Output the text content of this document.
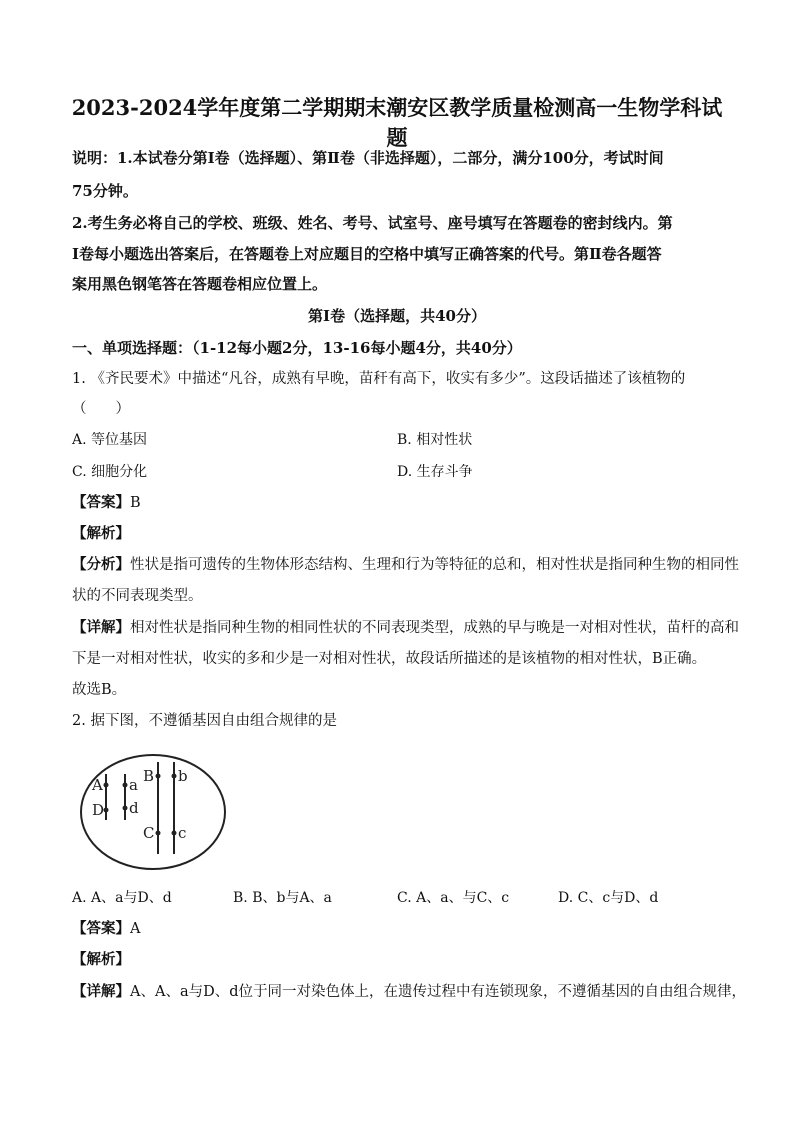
2023-2024学年度第二学期期末潮安区教学质量检测高一生物学科试
题
说明：1.本试卷分第Ⅰ卷（选择题）、第Ⅱ卷（非选择题），二部分，满分100分，考试时间
75分钟。
2.考生务必将自己的学校、班级、姓名、考号、试室号、座号填写在答题卷的密封线内。第
Ⅰ卷每小题选出答案后，在答题卷上对应题目的空格中填写正确答案的代号。第Ⅱ卷各题答
案用黑色钢笔答在答题卷相应位置上。
第Ⅰ卷（选择题，共40分）
一、单项选择题：（1-12每小题2分，13-16每小题4分，共40分）
1. 《齐民要术》中描述“凡谷，成熟有早晚，苗秆有高下，收实有多少”。这段话描述了该植物的
（　　）
A. 等位基因	B. 相对性状
C. 细胞分化	D. 生存斗争
【答案】B
【解析】
【分析】性状是指可遗传的生物体形态结构、生理和行为等特征的总和，相对性状是指同种生物的相同性
状的不同表现类型。
【详解】相对性状是指同种生物的相同性状的不同表现类型，成熟的早与晚是一对相对性状，苗杆的高和
下是一对相对性状，收实的多和少是一对相对性状，故段话所描述的是该植物的相对性状，B正确。
故选B。
2. 据下图，不遵循基因自由组合规律的是
A
D
a
d
B b
C c
A. A、a与D、d	B. B、b与A、a	C. A、a、与C、c	D. C、c与D、d
【答案】A
【解析】
【详解】A、A、a与D、d位于同一对染色体上，在遗传过程中有连锁现象，不遵循基因的自由组合规律，
